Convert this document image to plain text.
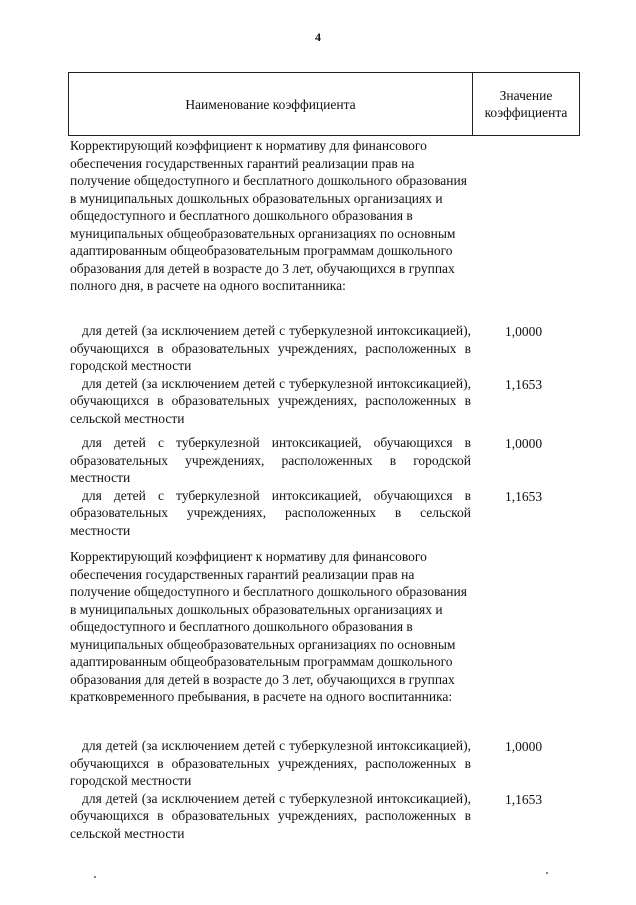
4
Наименование коэффициента
Значение
коэффициента
Корректирующий коэффициент к нормативу для финансового обеспечения государственных гарантий реализации прав на получение общедоступного и бесплатного дошкольного образования в муниципальных дошкольных образовательных организациях и общедоступного и бесплатного дошкольного образования в муниципальных общеобразовательных организациях по основным адаптированным общеобразовательным программам дошкольного образования для детей в возрасте до 3 лет, обучающихся в группах полного дня, в расчете на одного воспитанника:
для детей (за исключением детей с туберкулезной интоксикацией), обучающихся в образовательных учреждениях, расположенных в городской местности
1,0000
для детей (за исключением детей с туберкулезной интоксикацией), обучающихся в образовательных учреждениях, расположенных в сельской местности
1,1653
для детей с туберкулезной интоксикацией, обучающихся в образовательных учреждениях, расположенных в городской местности
1,0000
для детей с туберкулезной интоксикацией, обучающихся в образовательных учреждениях, расположенных в сельской местности
1,1653
Корректирующий коэффициент к нормативу для финансового обеспечения государственных гарантий реализации прав на получение общедоступного и бесплатного дошкольного образования в муниципальных дошкольных образовательных организациях и общедоступного и бесплатного дошкольного образования в муниципальных общеобразовательных организациях по основным адаптированным общеобразовательным программам дошкольного образования для детей в возрасте до 3 лет, обучающихся в группах кратковременного пребывания, в расчете на одного воспитанника:
для детей (за исключением детей с туберкулезной интоксикацией), обучающихся в образовательных учреждениях, расположенных в городской местности
1,0000
для детей (за исключением детей с туберкулезной интоксикацией), обучающихся в образовательных учреждениях, расположенных в сельской местности
1,1653
